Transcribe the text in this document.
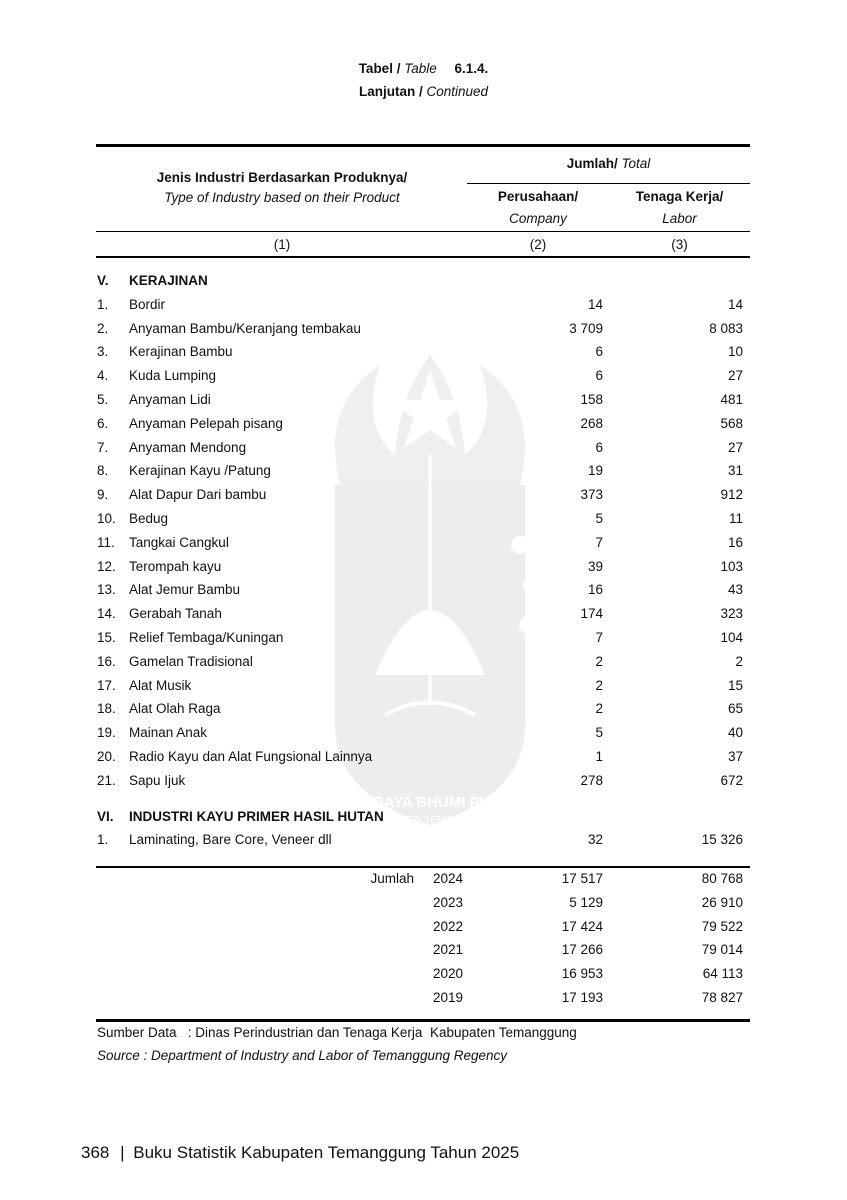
SWADAYA BHUMI PHALA
KABUPATEN TEMANGGUNG
Tabel / Table 6.1.4.
Lanjutan / Continued
Jenis Industri Berdasarkan Produknya/
Type of Industry based on their Product
Jumlah/ Total
Perusahaan/
Company
Tenaga Kerja/
Labor
(1)	(2)	(3)
V. KERAJINAN
1. Bordir	14	14
2. Anyaman Bambu/Keranjang tembakau	3 709	8 083
3. Kerajinan Bambu	6	10
4. Kuda Lumping	6	27
5. Anyaman Lidi	158	481
6. Anyaman Pelepah pisang	268	568
7. Anyaman Mendong	6	27
8. Kerajinan Kayu /Patung	19	31
9. Alat Dapur Dari bambu	373	912
10. Bedug	5	11
11. Tangkai Cangkul	7	16
12. Terompah kayu	39	103
13. Alat Jemur Bambu	16	43
14. Gerabah Tanah	174	323
15. Relief Tembaga/Kuningan	7	104
16. Gamelan Tradisional	2	2
17. Alat Musik	2	15
18. Alat Olah Raga	2	65
19. Mainan Anak	5	40
20. Radio Kayu dan Alat Fungsional Lainnya	1	37
21. Sapu Ijuk	278	672
VI. INDUSTRI KAYU PRIMER HASIL HUTAN
1. Laminating, Bare Core, Veneer dll	32	15 326
Jumlah 2024	17 517	80 768
2023	5 129	26 910
2022	17 424	79 522
2021	17 266	79 014
2020	16 953	64 113
2019	17 193	78 827
Sumber Data   : Dinas Perindustrian dan Tenaga Kerja  Kabupaten Temanggung
Source : Department of Industry and Labor of Temanggung Regency
368 | Buku Statistik Kabupaten Temanggung Tahun 2025
